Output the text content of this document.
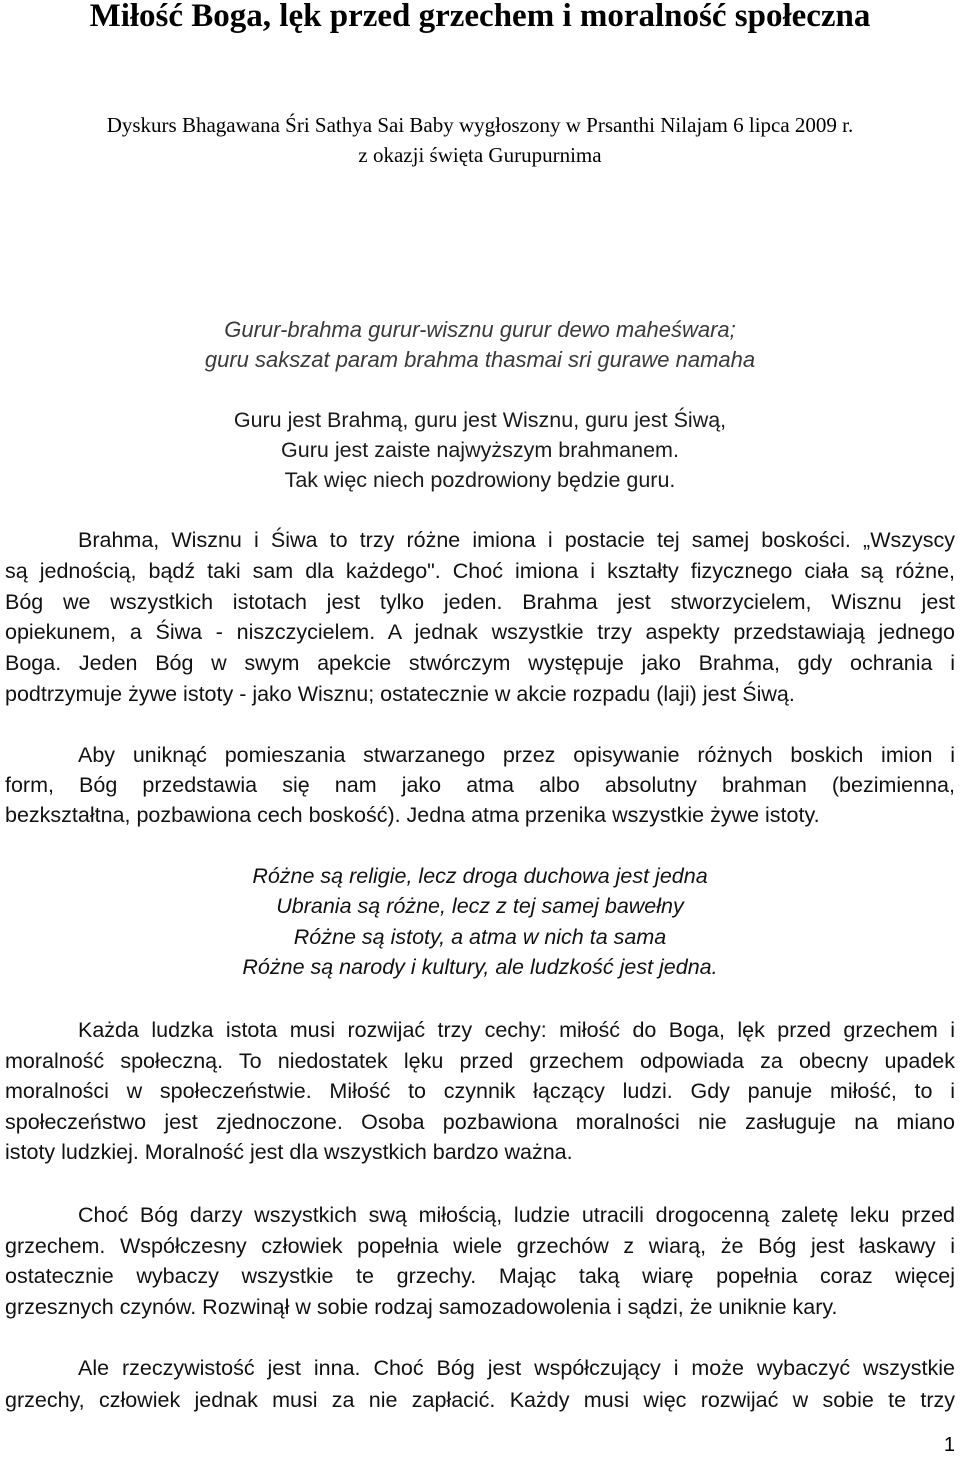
Miłość Boga, lęk przed grzechem i moralność społeczna
Dyskurs Bhagawana Śri Sathya Sai Baby wygłoszony w Prsanthi Nilajam 6 lipca 2009 r.
z okazji święta Gurupurnima
Gurur-brahma gurur-wisznu gurur dewo maheśwara;
guru sakszat param brahma thasmai sri gurawe namaha
Guru jest Brahmą, guru jest Wisznu, guru jest Śiwą,
Guru jest zaiste najwyższym brahmanem.
Tak więc niech pozdrowiony będzie guru.
Brahma, Wisznu i Śiwa to trzy różne imiona i postacie tej samej boskości. „Wszyscy
są jednością, bądź taki sam dla każdego". Choć imiona i kształty fizycznego ciała są różne,
Bóg we wszystkich istotach jest tylko jeden. Brahma jest stworzycielem, Wisznu jest
opiekunem, a Śiwa - niszczycielem. A jednak wszystkie trzy aspekty przedstawiają jednego
Boga. Jeden Bóg w swym apekcie stwórczym występuje jako Brahma, gdy ochrania i
podtrzymuje żywe istoty - jako Wisznu; ostatecznie w akcie rozpadu (laji) jest Śiwą.
Aby uniknąć pomieszania stwarzanego przez opisywanie różnych boskich imion i
form, Bóg przedstawia się nam jako atma albo absolutny brahman (bezimienna,
bezkształtna, pozbawiona cech boskość). Jedna atma przenika wszystkie żywe istoty.
Różne są religie, lecz droga duchowa jest jedna
Ubrania są różne, lecz z tej samej bawełny
Różne są istoty, a atma w nich ta sama
Różne są narody i kultury, ale ludzkość jest jedna.
Każda ludzka istota musi rozwijać trzy cechy: miłość do Boga, lęk przed grzechem i
moralność społeczną. To niedostatek lęku przed grzechem odpowiada za obecny upadek
moralności w społeczeństwie. Miłość to czynnik łączący ludzi. Gdy panuje miłość, to i
społeczeństwo jest zjednoczone. Osoba pozbawiona moralności nie zasługuje na miano
istoty ludzkiej. Moralność jest dla wszystkich bardzo ważna.
Choć Bóg darzy wszystkich swą miłością, ludzie utracili drogocenną zaletę leku przed
grzechem. Współczesny człowiek popełnia wiele grzechów z wiarą, że Bóg jest łaskawy i
ostatecznie wybaczy wszystkie te grzechy. Mając taką wiarę popełnia coraz więcej
grzesznych czynów. Rozwinął w sobie rodzaj samozadowolenia i sądzi, że uniknie kary.
Ale rzeczywistość jest inna. Choć Bóg jest współczujący i może wybaczyć wszystkie
grzechy, człowiek jednak musi za nie zapłacić. Każdy musi więc rozwijać w sobie te trzy
1
